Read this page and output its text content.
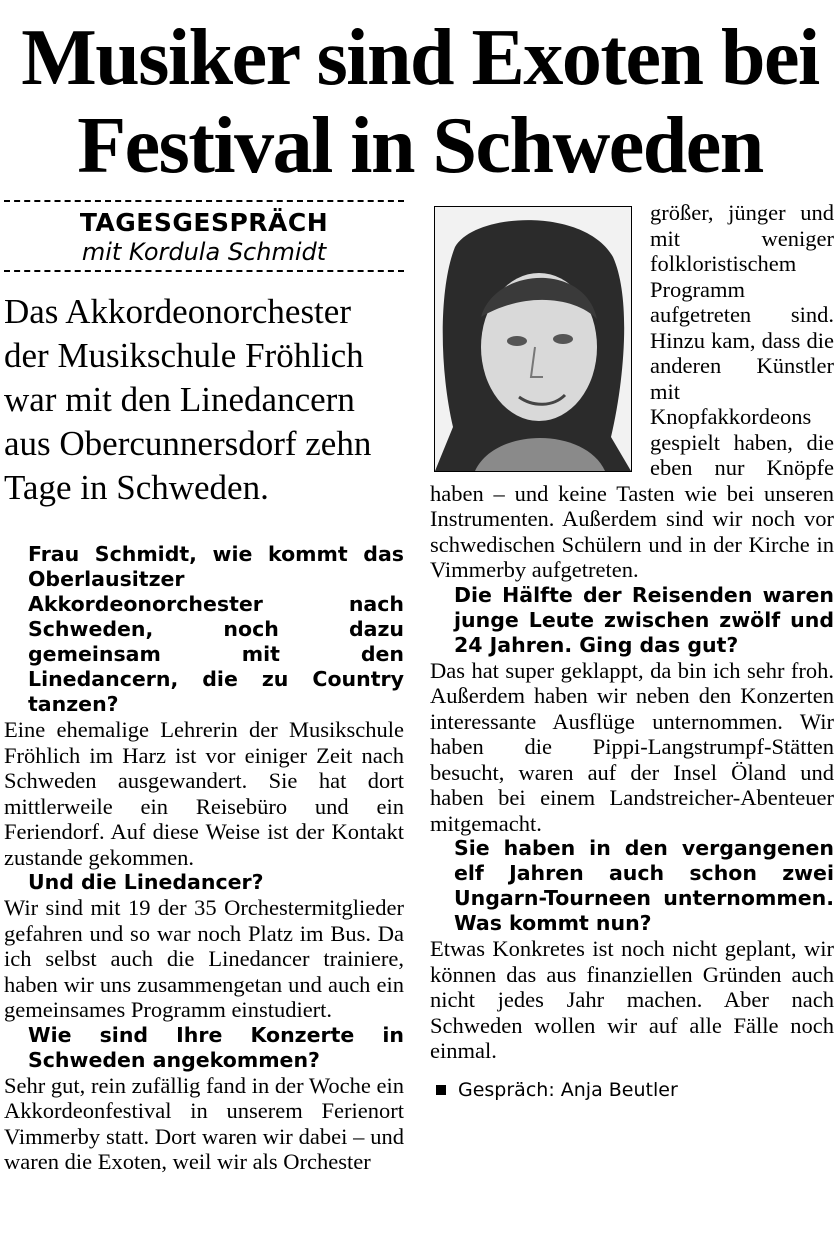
Musiker sind Exoten bei Festival in Schweden
TAGESGESPRÄCH
mit Kordula Schmidt

Das Akkordeonorchester der Musikschule Fröhlich war mit den Linedancern aus Obercunnersdorf zehn Tage in Schweden.

Frau Schmidt, wie kommt das Oberlausitzer Akkordeonorchester nach Schweden, noch dazu gemeinsam mit den Linedancern, die zu Country tanzen?

Eine ehemalige Lehrerin der Musikschule Fröhlich im Harz ist vor einiger Zeit nach Schweden ausgewandert. Sie hat dort mittlerweile ein Reisebüro und ein Feriendorf. Auf diese Weise ist der Kontakt zustande gekommen.

Und die Linedancer?

Wir sind mit 19 der 35 Orchestermitglieder gefahren und so war noch Platz im Bus. Da ich selbst auch die Linedancer trainiere, haben wir uns zusammengetan und auch ein gemeinsames Programm einstudiert.

Wie sind Ihre Konzerte in Schweden angekommen?

Sehr gut, rein zufällig fand in der Woche ein Akkordeonfestival in unserem Ferienort Vimmerby statt. Dort waren wir dabei – und waren die Exoten, weil wir als Orchester

größer, jünger und mit weniger folkloristischem Programm aufgetreten sind. Hinzu kam, dass die anderen Künstler mit Knopfakkordeons gespielt haben, die eben nur Knöpfe haben – und keine Tasten wie bei unseren Instrumenten. Außerdem sind wir noch vor schwedischen Schülern und in der Kirche in Vimmerby aufgetreten.

Die Hälfte der Reisenden waren junge Leute zwischen zwölf und 24 Jahren. Ging das gut?

Das hat super geklappt, da bin ich sehr froh. Außerdem haben wir neben den Konzerten interessante Ausflüge unternommen. Wir haben die Pippi-Langstrumpf-Stätten besucht, waren auf der Insel Öland und haben bei einem Landstreicher-Abenteuer mitgemacht.

Sie haben in den vergangenen elf Jahren auch schon zwei Ungarn-Tourneen unternommen. Was kommt nun?

Etwas Konkretes ist noch nicht geplant, wir können das aus finanziellen Gründen auch nicht jedes Jahr machen. Aber nach Schweden wollen wir auf alle Fälle noch einmal.

Gespräch: Anja Beutler
